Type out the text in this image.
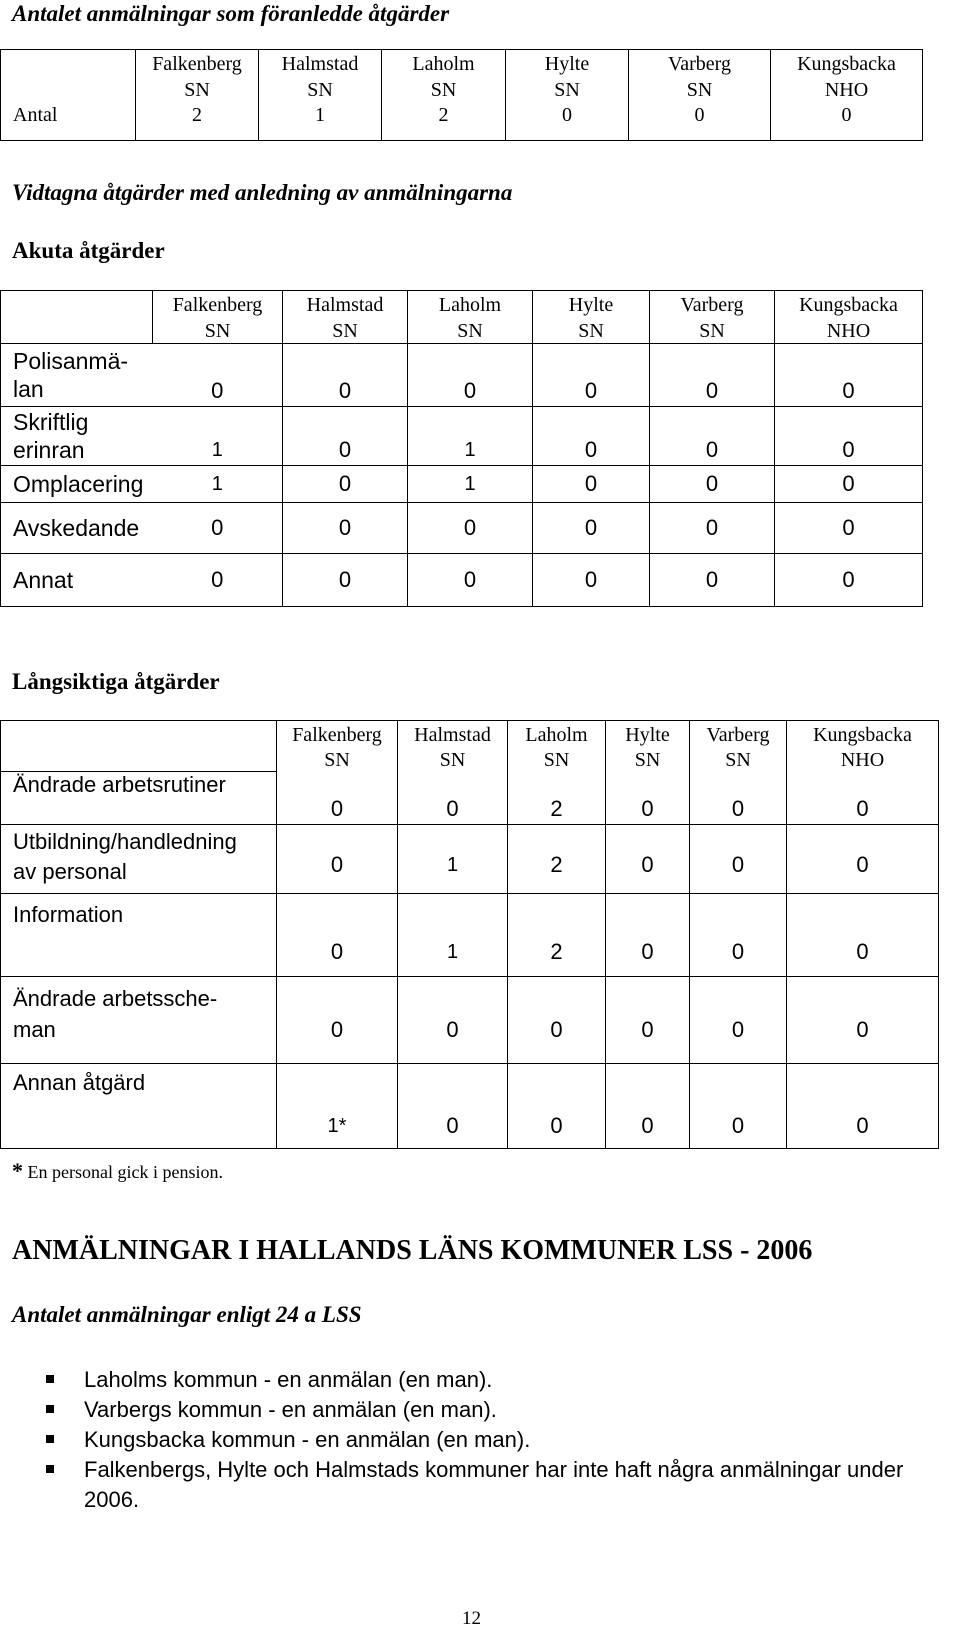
Antalet anmälningar som föranledde åtgärder
	Falkenberg	Halmstad	Laholm	Hylte	Varberg	Kungsbacka
	SN	SN	SN	SN	SN	NHO
Antal	2	1	2	0	0	0
Vidtagna åtgärder med anledning av anmälningarna
Akuta åtgärder
	Falkenberg	Halmstad	Laholm	Hylte	Varberg	Kungsbacka
	SN	SN	SN	SN	SN	NHO
Polisanmä-
lan	0	0	0	0	0	0
Skriftlig
erinran	1	0	1	0	0	0
Omplacering	1	0	1	0	0	0
Avskedande	0	0	0	0	0	0
Annat	0	0	0	0	0	0
Långsiktiga åtgärder
	Falkenberg	Halmstad	Laholm	Hylte	Varberg	Kungsbacka
	SN	SN	SN	SN	SN	NHO
Ändrade arbetsrutiner	0	0	2	0	0	0
Utbildning/handledning
av personal	0	1	2	0	0	0
Information	0	1	2	0	0	0
Ändrade arbetssche-
man	0	0	0	0	0	0
Annan åtgärd	1*	0	0	0	0	0
* En personal gick i pension.
ANMÄLNINGAR I HALLANDS LÄNS KOMMUNER LSS - 2006
Antalet anmälningar enligt 24 a LSS
Laholms kommun - en anmälan (en man).
Varbergs kommun - en anmälan (en man).
Kungsbacka kommun - en anmälan (en man).
Falkenbergs, Hylte och Halmstads kommuner har inte haft några anmälningar under 2006.
12
